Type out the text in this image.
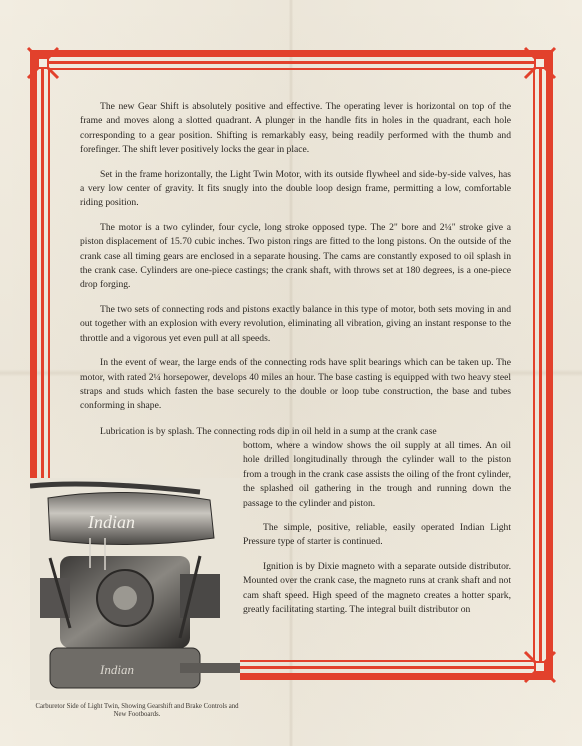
The new Gear Shift is absolutely positive and effective. The operating lever is horizontal on top of the frame and moves along a slotted quadrant. A plunger in the handle fits in holes in the quadrant, each hole corresponding to a gear position. Shifting is remarkably easy, being readily performed with the thumb and forefinger. The shift lever positively locks the gear in place.

Set in the frame horizontally, the Light Twin Motor, with its outside flywheel and side-by-side valves, has a very low center of gravity. It fits snugly into the double loop design frame, permitting a low, comfortable riding position.

The motor is a two cylinder, four cycle, long stroke opposed type. The 2" bore and 2¼" stroke give a piston displacement of 15.70 cubic inches. Two piston rings are fitted to the long pistons. On the outside of the crank case all timing gears are enclosed in a separate housing. The cams are constantly exposed to oil splash in the crank case. Cylinders are one-piece castings; the crank shaft, with throws set at 180 degrees, is a one-piece drop forging.

The two sets of connecting rods and pistons exactly balance in this type of motor, both sets moving in and out together with an explosion with every revolution, eliminating all vibration, giving an instant response to the throttle and a vigorous yet even pull at all speeds.

In the event of wear, the large ends of the connecting rods have split bearings which can be taken up. The motor, with rated 2¼ horsepower, develops 40 miles an hour. The base casting is equipped with two heavy steel straps and studs which fasten the base securely to the double or loop tube construction, the base and tubes conforming in shape.

Lubrication is by splash. The connecting rods dip in oil held in a sump at the crank case

bottom, where a window shows the oil supply at all times. An oil hole drilled longitudinally through the cylinder wall to the piston from a trough in the crank case assists the oiling of the front cylinder, the splashed oil gathering in the trough and running down the passage to the cylinder and piston.

The simple, positive, reliable, easily operated Indian Light Pressure type of starter is continued.

Ignition is by Dixie magneto with a separate outside distributor. Mounted over the crank case, the magneto runs at crank shaft and not cam shaft speed. High speed of the magneto creates a hotter spark, greatly facilitating starting. The integral built distributor on

Indian
Indian
Carburetor Side of Light Twin, Showing Gearshift and Brake Controls and New Footboards.
